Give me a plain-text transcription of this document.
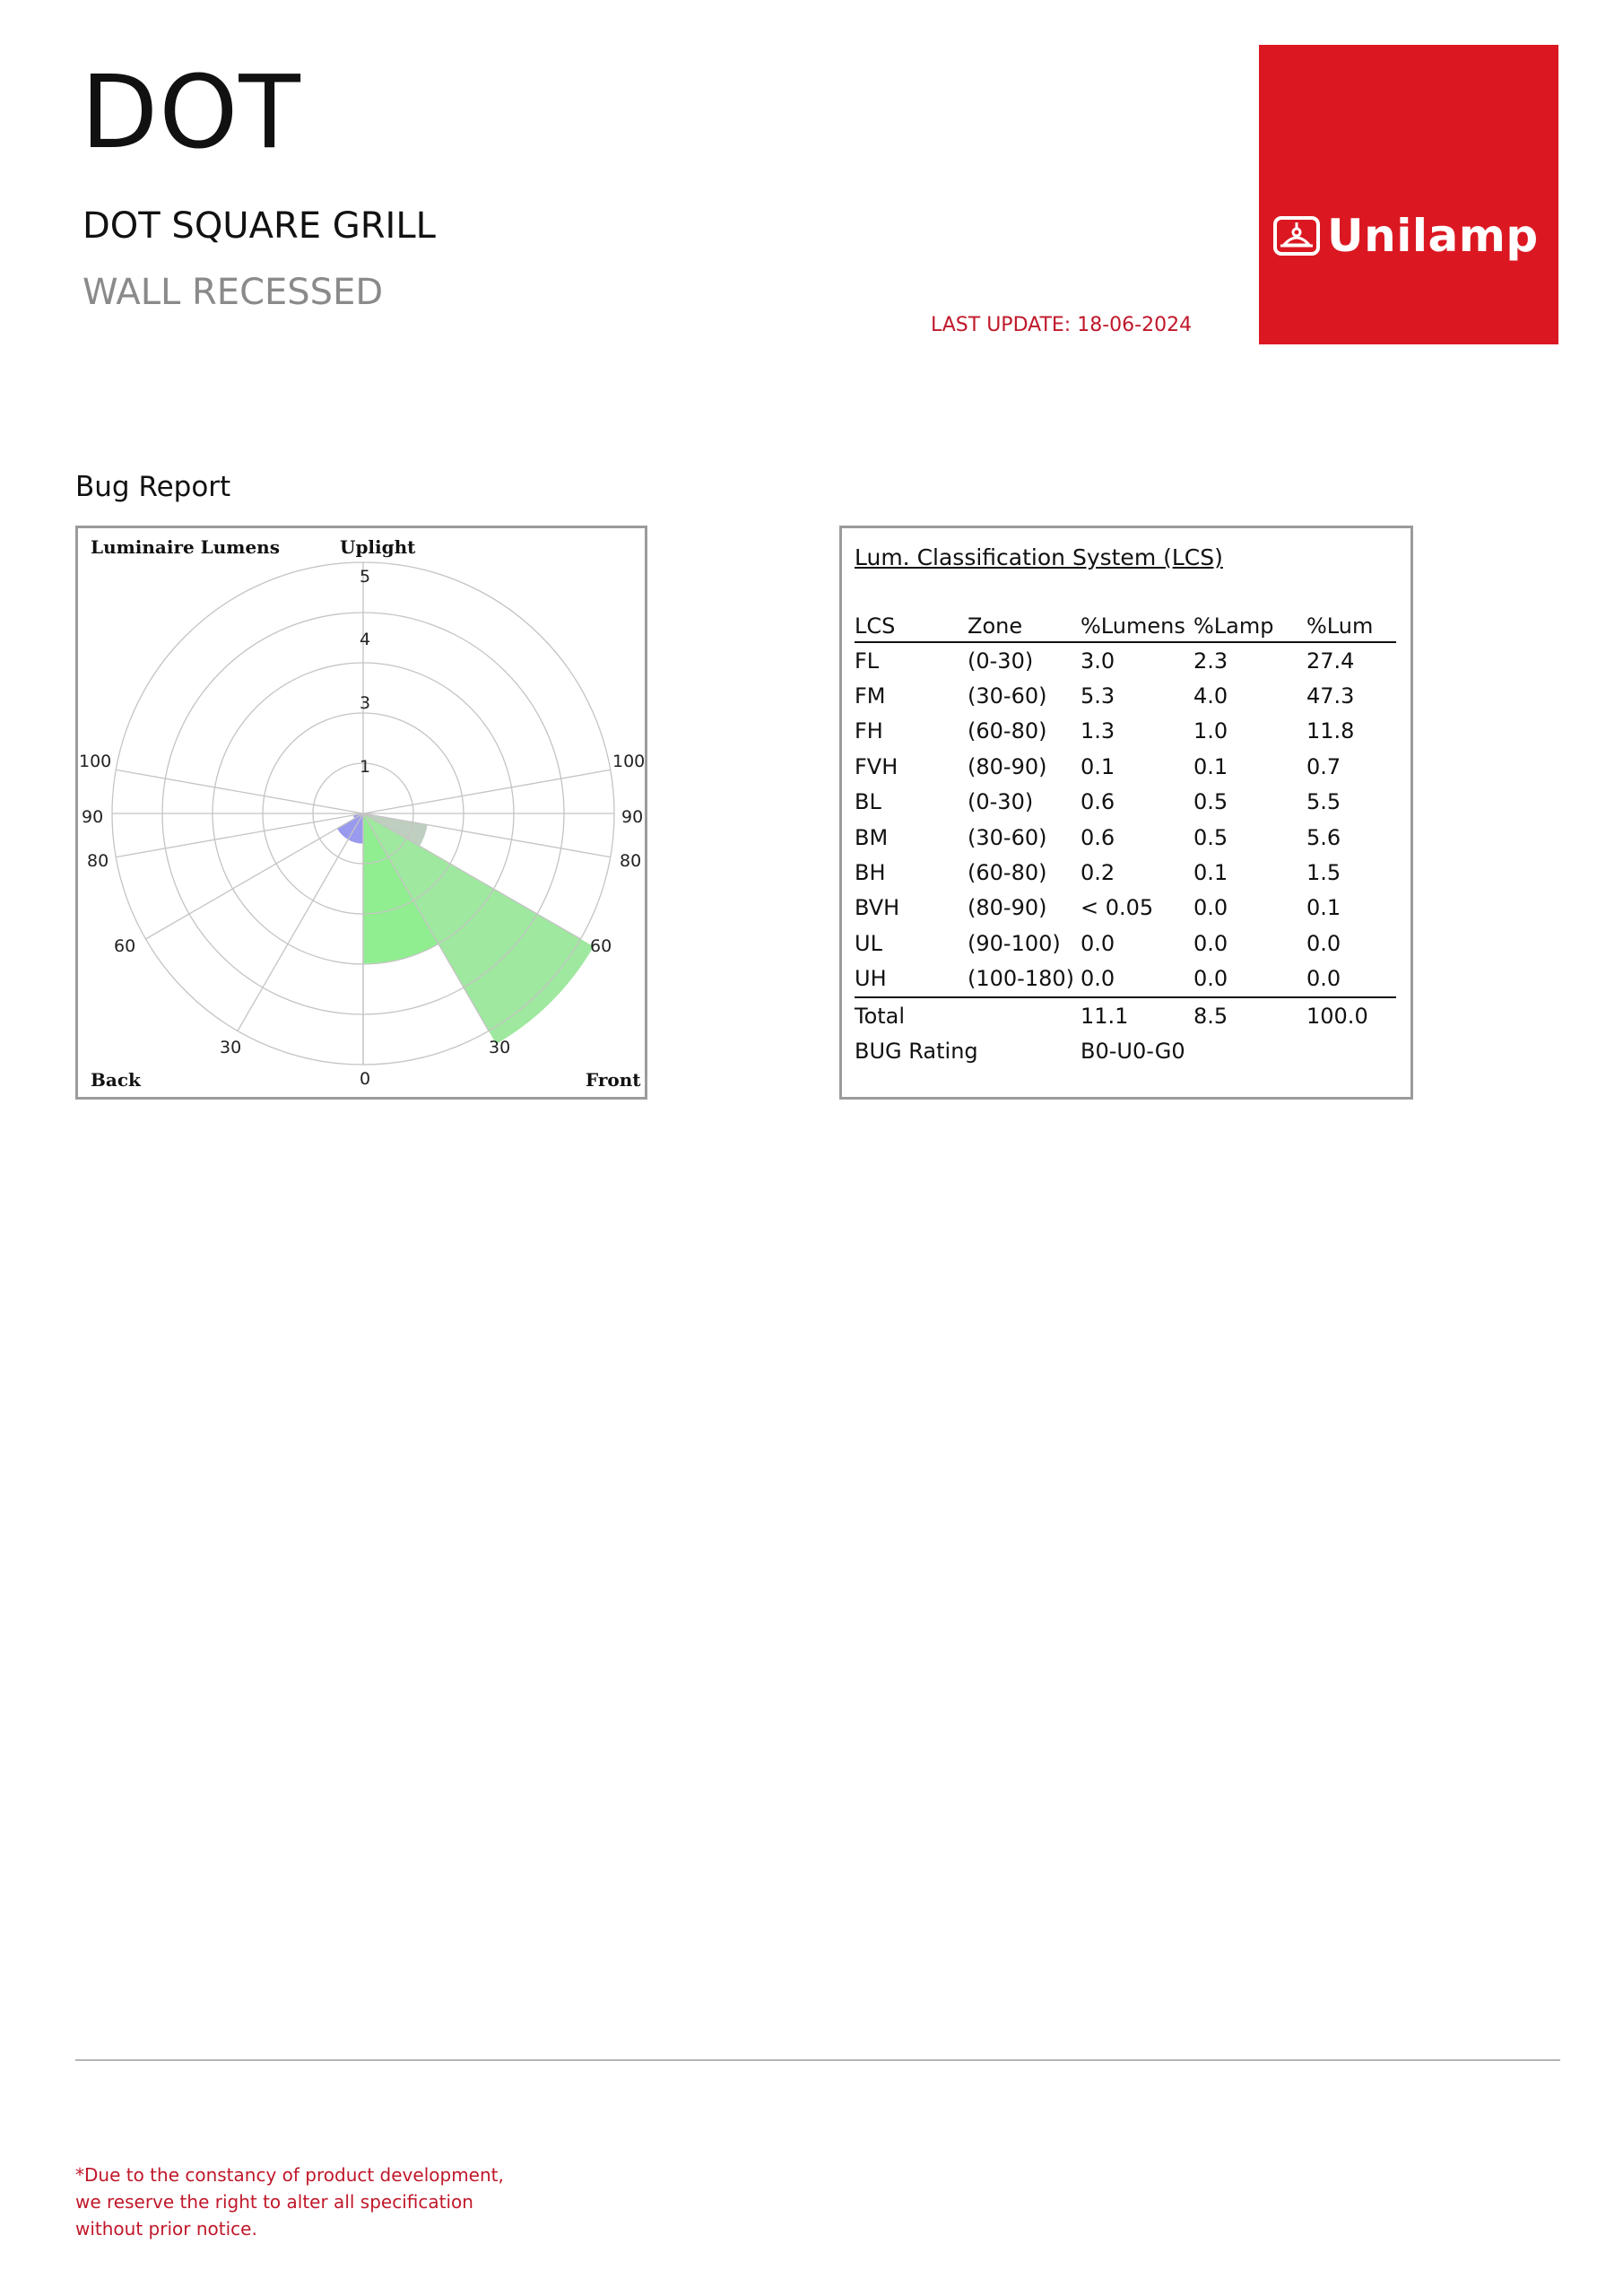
DOT
DOT SQUARE GRILL
WALL RECESSED
LAST UPDATE: 18-06-2024
Unilamp
Bug Report
Luminaire Lumens	Uplight
Back	Front
1
3
4
5
100
90
80
60
30
100
90
80
60
30
0
Lum. Classification System (LCS)
LCS	Zone	%Lumens	%Lamp	%Lum
FL	(0-30)	3.0	2.3	27.4
FM	(30-60)	5.3	4.0	47.3
FH	(60-80)	1.3	1.0	11.8
FVH	(80-90)	0.1	0.1	0.7
BL	(0-30)	0.6	0.5	5.5
BM	(30-60)	0.6	0.5	5.6
BH	(60-80)	0.2	0.1	1.5
BVH	(80-90)	< 0.05	0.0	0.1
UL	(90-100)	0.0	0.0	0.0
UH	(100-180)	0.0	0.0	0.0
Total		11.1	8.5	100.0
BUG Rating		B0-U0-G0		
*Due to the constancy of product development,
we reserve the right to alter all specification
without prior notice.
